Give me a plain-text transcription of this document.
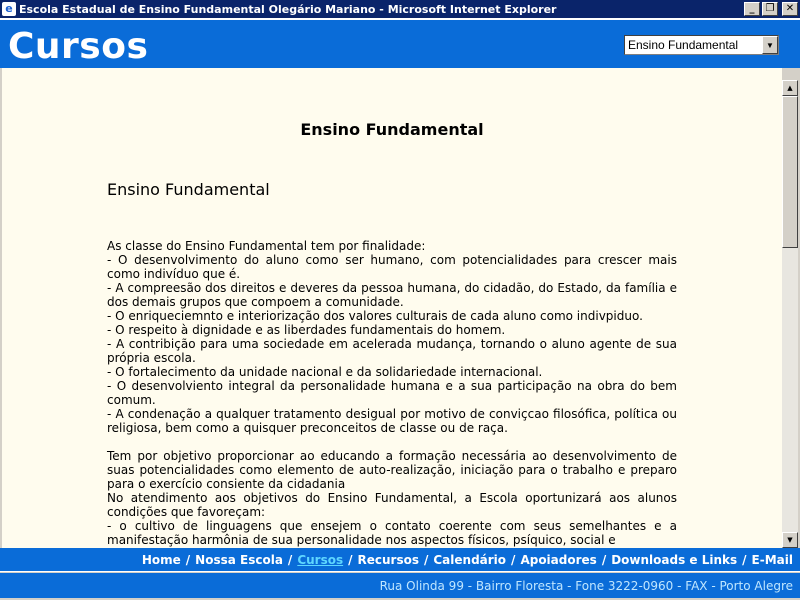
e Escola Estadual de Ensino Fundamental Olegário Mariano - Microsoft Internet Explorer	_	❐	✕
Cursos	Ensino Fundamental	▼
Ensino Fundamental
Ensino Fundamental

As classe do Ensino Fundamental tem por finalidade:

- O desenvolvimento do aluno como ser humano, com potencialidades para crescer mais como indivíduo que é.

- A compreesão dos direitos e deveres da pessoa humana, do cidadão, do Estado, da família e dos demais grupos que compoem a comunidade.

- O enriqueciemnto e interiorização dos valores culturais de cada aluno como indivpiduo.

- O respeito à dignidade e as liberdades fundamentais do homem.

- A contribição para uma sociedade em acelerada mudança, tornando o aluno agente de sua própria escola.

- O fortalecimento da unidade nacional e da solidariedade internacional.

- O desenvolviento integral da personalidade humana e a sua participação na obra do bem comum.

- A condenação a qualquer tratamento desigual por motivo de conviçcao filosófica, política ou religiosa, bem como a quisquer preconceitos de classe ou de raça.

Tem por objetivo proporcionar ao educando a formação necessária ao desenvolvimento de suas potencialidades como elemento de auto-realização, iniciação para o trabalho e preparo para o exercício consiente da cidadania

No atendimento aos objetivos do Ensino Fundamental, a Escola oportunizará aos alunos condições que favoreçam:

- o cultivo de linguagens que ensejem o contato coerente com seus semelhantes e a manifestação harmônia de sua personalidade nos aspectos físicos, psíquico, social e

▲
▼
Home / Nossa Escola / Cursos / Recursos / Calendário / Apoiadores / Downloads e Links / E-Mail
Rua Olinda 99 - Bairro Floresta - Fone 3222-0960 - FAX - Porto Alegre
